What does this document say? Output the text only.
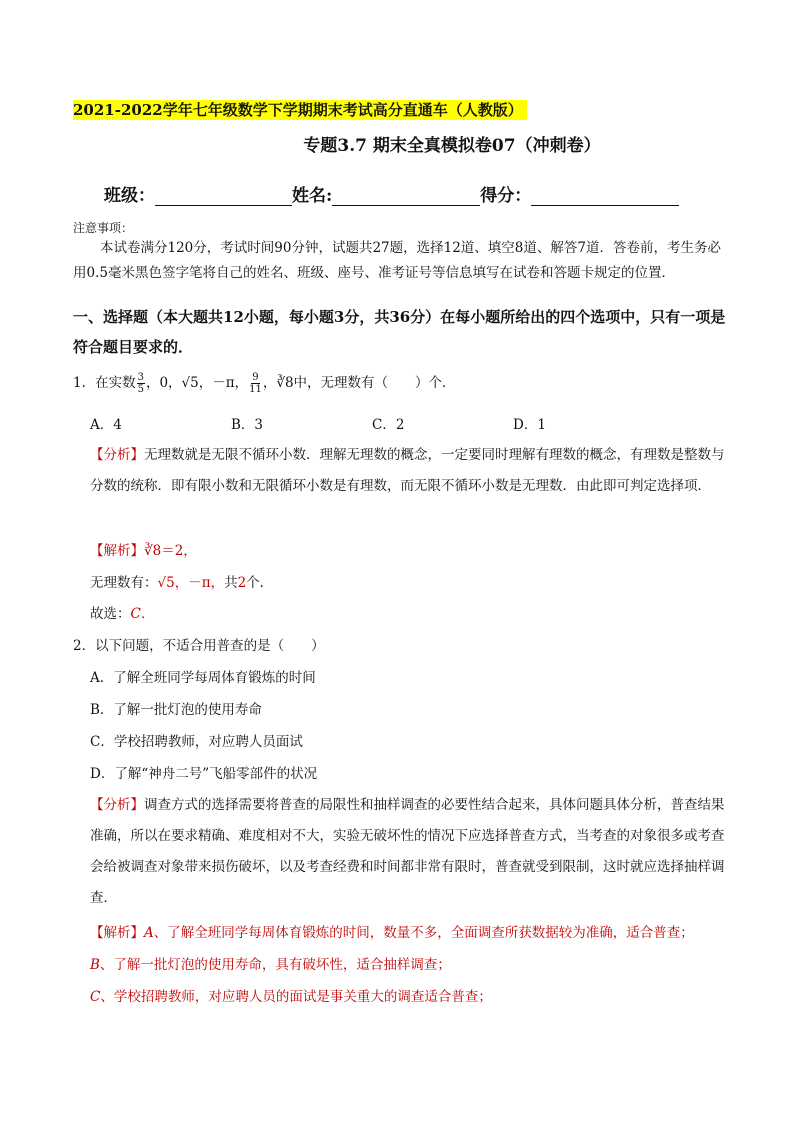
2021-2022学年七年级数学下学期期末考试高分直通车（人教版）

专题3.7 期末全真模拟卷07（冲刺卷）

班级：	姓名:	得分：

注意事项：

本试卷满分120分，考试时间90分钟，试题共27题，选择12道、填空8道、解答7道．答卷前，考生务必用0.5毫米黑色签字笔将自己的姓名、班级、座号、准考证号等信息填写在试卷和答题卡规定的位置．

一、选择题（本大题共12小题，每小题3分，共36分）在每小题所给出的四个选项中，只有一项是符合题目要求的．

1．在实数 $\frac{3}{5}$ ，0，√5，－π， $\frac{9}{11}$ ，∛8中，无理数有（　　）个．

A．4	B．3	C．2	D．1

【分析】无理数就是无限不循环小数．理解无理数的概念，一定要同时理解有理数的概念，有理数是整数与分数的统称．即有限小数和无限循环小数是有理数，而无限不循环小数是无理数．由此即可判定选择项．

【解析】∛8＝2，

无理数有：√5，－π，共2个．

故选：C．

2．以下问题，不适合用普查的是（　　）

A．了解全班同学每周体育锻炼的时间

B．了解一批灯泡的使用寿命

C．学校招聘教师，对应聘人员面试

D．了解“神舟二号”飞船零部件的状况

【分析】调查方式的选择需要将普查的局限性和抽样调查的必要性结合起来，具体问题具体分析，普查结果准确，所以在要求精确、难度相对不大，实验无破坏性的情况下应选择普查方式，当考查的对象很多或考查会给被调查对象带来损伤破坏，以及考查经费和时间都非常有限时，普查就受到限制，这时就应选择抽样调查．

【解析】A、了解全班同学每周体育锻炼的时间，数量不多，全面调查所获数据较为准确，适合普查；

B、了解一批灯泡的使用寿命，具有破坏性，适合抽样调查；

C、学校招聘教师，对应聘人员的面试是事关重大的调查适合普查；
